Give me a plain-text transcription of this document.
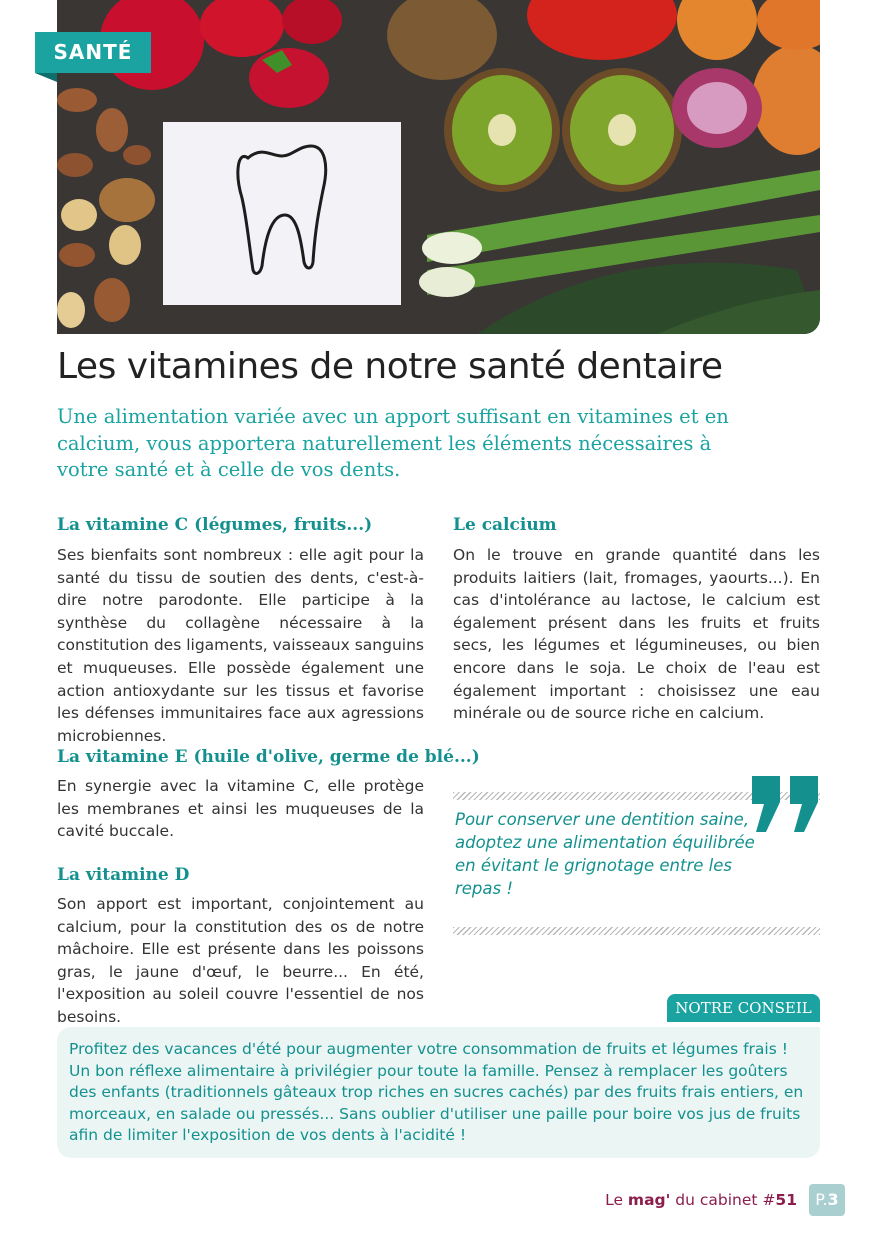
SANTÉ
Les vitamines de notre santé dentaire

Une alimentation variée avec un apport suffisant en vitamines et en calcium, vous apportera naturellement les éléments nécessaires à votre santé et à celle de vos dents.

La vitamine C (légumes, fruits...)

Ses bienfaits sont nombreux : elle agit pour la santé du tissu de soutien des dents, c'est-à-dire notre parodonte. Elle participe à la synthèse du collagène nécessaire à la constitution des ligaments, vaisseaux sanguins et muqueuses. Elle possède également une action antioxydante sur les tissus et favorise les défenses immunitaires face aux agressions microbiennes.

La vitamine E (huile d'olive, germe de blé...)

En synergie avec la vitamine C, elle protège les membranes et ainsi les muqueuses de la cavité buccale.

La vitamine D

Son apport est important, conjointement au calcium, pour la constitution des os de notre mâchoire. Elle est présente dans les poissons gras, le jaune d'œuf, le beurre... En été, l'exposition au soleil couvre l'essentiel de nos besoins.

Le calcium

On le trouve en grande quantité dans les produits laitiers (lait, fromages, yaourts...). En cas d'intolérance au lactose, le calcium est également présent dans les fruits et fruits secs, les légumes et légumineuses, ou bien encore dans le soja. Le choix de l'eau est également important : choisissez une eau minérale ou de source riche en calcium.

Pour conserver une dentition saine, adoptez une alimentation équilibrée en évitant le grignotage entre les repas !

NOTRE CONSEIL

Profitez des vacances d'été pour augmenter votre consommation de fruits et légumes frais ! Un bon réflexe alimentaire à privilégier pour toute la famille. Pensez à remplacer les goûters des enfants (traditionnels gâteaux trop riches en sucres cachés) par des fruits frais entiers, en morceaux, en salade ou pressés... Sans oublier d'utiliser une paille pour boire vos jus de fruits afin de limiter l'exposition de vos dents à l'acidité !

Le mag' du cabinet #51	P.3
